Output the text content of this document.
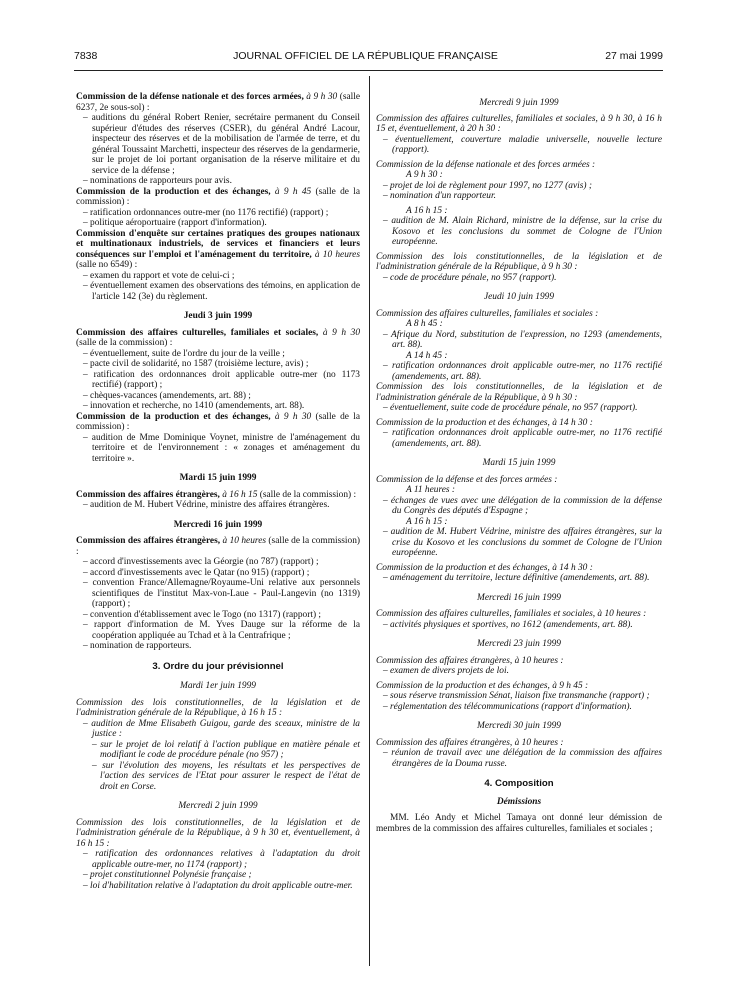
7838	JOURNAL OFFICIEL DE LA RÉPUBLIQUE FRANÇAISE	27 mai 1999

Commission de la défense nationale et des forces armées, à 9 h 30 (salle 6237, 2e sous-sol) :

– auditions du général Robert Renier, secrétaire permanent du Conseil supérieur d'études des réserves (CSER), du général André Lacour, inspecteur des réserves et de la mobilisation de l'armée de terre, et du général Toussaint Marchetti, inspecteur des réserves de la gendarmerie, sur le projet de loi portant organisation de la réserve militaire et du service de la défense ;

– nominations de rapporteurs pour avis.

Commission de la production et des échanges, à 9 h 45 (salle de la commission) :

– ratification ordonnances outre-mer (no 1176 rectifié) (rapport) ;

– politique aéroportuaire (rapport d'information).

Commission d'enquête sur certaines pratiques des groupes nationaux et multinationaux industriels, de services et financiers et leurs conséquences sur l'emploi et l'aménagement du territoire, à 10 heures (salle no 6549) :

– examen du rapport et vote de celui-ci ;

– éventuellement examen des observations des témoins, en application de l'article 142 (3e) du règlement.

Jeudi 3 juin 1999

Commission des affaires culturelles, familiales et sociales, à 9 h 30 (salle de la commission) :

– éventuellement, suite de l'ordre du jour de la veille ;

– pacte civil de solidarité, no 1587 (troisième lecture, avis) ;

– ratification des ordonnances droit applicable outre-mer (no 1173 rectifié) (rapport) ;

– chèques-vacances (amendements, art. 88) ;

– innovation et recherche, no 1410 (amendements, art. 88).

Commission de la production et des échanges, à 9 h 30 (salle de la commission) :

– audition de Mme Dominique Voynet, ministre de l'aménagement du territoire et de l'environnement : « zonages et aménagement du territoire ».

Mardi 15 juin 1999

Commission des affaires étrangères, à 16 h 15 (salle de la commission) :

– audition de M. Hubert Védrine, ministre des affaires étrangères.

Mercredi 16 juin 1999

Commission des affaires étrangères, à 10 heures (salle de la commission) :

– accord d'investissements avec la Géorgie (no 787) (rapport) ;

– accord d'investissements avec le Qatar (no 915) (rapport) ;

– convention France/Allemagne/Royaume-Uni relative aux personnels scientifiques de l'institut Max-von-Laue - Paul-Langevin (no 1319) (rapport) ;

– convention d'établissement avec le Togo (no 1317) (rapport) ;

– rapport d'information de M. Yves Dauge sur la réforme de la coopération appliquée au Tchad et à la Centrafrique ;

– nomination de rapporteurs.

3. Ordre du jour prévisionnel

Mardi 1er juin 1999

Commission des lois constitutionnelles, de la législation et de l'administration générale de la République, à 16 h 15 :

– audition de Mme Elisabeth Guigou, garde des sceaux, ministre de la justice :

– sur le projet de loi relatif à l'action publique en matière pénale et modifiant le code de procédure pénale (no 957) ;

– sur l'évolution des moyens, les résultats et les perspectives de l'action des services de l'Etat pour assurer le respect de l'état de droit en Corse.

Mercredi 2 juin 1999

Commission des lois constitutionnelles, de la législation et de l'administration générale de la République, à 9 h 30 et, éventuellement, à 16 h 15 :

– ratification des ordonnances relatives à l'adaptation du droit applicable outre-mer, no 1174 (rapport) ;

– projet constitutionnel Polynésie française ;

– loi d'habilitation relative à l'adaptation du droit applicable outre-mer.

Mercredi 9 juin 1999

Commission des affaires culturelles, familiales et sociales, à 9 h 30, à 16 h 15 et, éventuellement, à 20 h 30 :

– éventuellement, couverture maladie universelle, nouvelle lecture (rapport).

Commission de la défense nationale et des forces armées :

A 9 h 30 :

– projet de loi de règlement pour 1997, no 1277 (avis) ;

– nomination d'un rapporteur.

A 16 h 15 :

– audition de M. Alain Richard, ministre de la défense, sur la crise du Kosovo et les conclusions du sommet de Cologne de l'Union européenne.

Commission des lois constitutionnelles, de la législation et de l'administration générale de la République, à 9 h 30 :

– code de procédure pénale, no 957 (rapport).

Jeudi 10 juin 1999

Commission des affaires culturelles, familiales et sociales :

A 8 h 45 :

– Afrique du Nord, substitution de l'expression, no 1293 (amendements, art. 88).

A 14 h 45 :

– ratification ordonnances droit applicable outre-mer, no 1176 rectifié (amendements, art. 88).

Commission des lois constitutionnelles, de la législation et de l'administration générale de la République, à 9 h 30 :

– éventuellement, suite code de procédure pénale, no 957 (rapport).

Commission de la production et des échanges, à 14 h 30 :

– ratification ordonnances droit applicable outre-mer, no 1176 rectifié (amendements, art. 88).

Mardi 15 juin 1999

Commission de la défense et des forces armées :

A 11 heures :

– échanges de vues avec une délégation de la commission de la défense du Congrès des députés d'Espagne ;

A 16 h 15 :

– audition de M. Hubert Védrine, ministre des affaires étrangères, sur la crise du Kosovo et les conclusions du sommet de Cologne de l'Union européenne.

Commission de la production et des échanges, à 14 h 30 :

– aménagement du territoire, lecture définitive (amendements, art. 88).

Mercredi 16 juin 1999

Commission des affaires culturelles, familiales et sociales, à 10 heures :

– activités physiques et sportives, no 1612 (amendements, art. 88).

Mercredi 23 juin 1999

Commission des affaires étrangères, à 10 heures :

– examen de divers projets de loi.

Commission de la production et des échanges, à 9 h 45 :

– sous réserve transmission Sénat, liaison fixe transmanche (rapport) ;

– réglementation des télécommunications (rapport d'information).

Mercredi 30 juin 1999

Commission des affaires étrangères, à 10 heures :

– réunion de travail avec une délégation de la commission des affaires étrangères de la Douma russe.

4. Composition

Démissions

MM. Léo Andy et Michel Tamaya ont donné leur démission de membres de la commission des affaires culturelles, familiales et sociales ;
